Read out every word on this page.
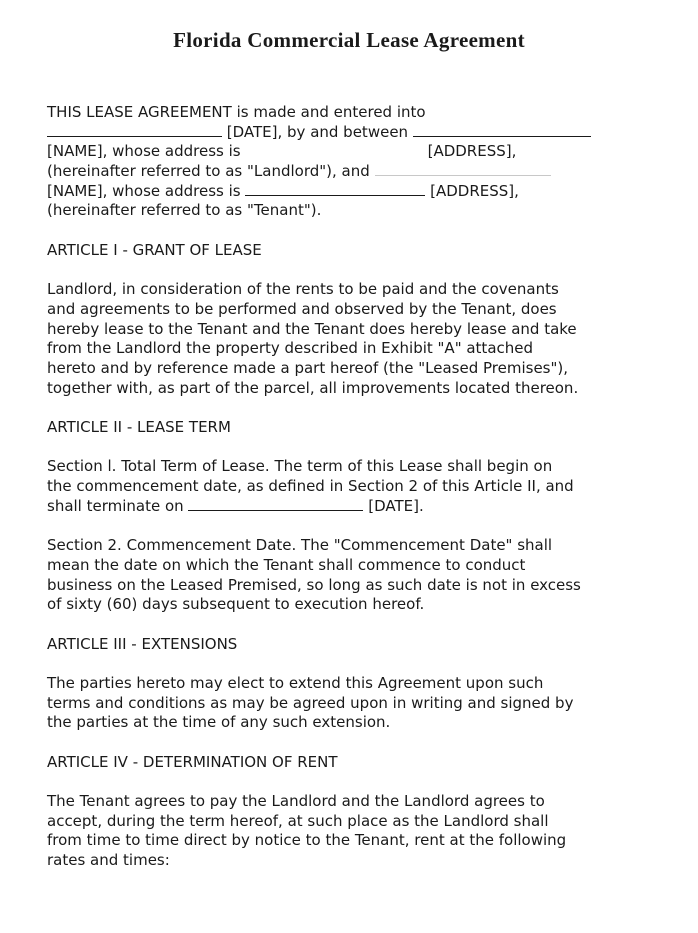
Florida Commercial Lease Agreement
THIS LEASE AGREEMENT is made and entered into
[DATE], by and between
[NAME], whose address is	[ADDRESS],
(hereinafter referred to as "Landlord"), and
[NAME], whose address is	[ADDRESS],
(hereinafter referred to as "Tenant").
ARTICLE I - GRANT OF LEASE
Landlord, in consideration of the rents to be paid and the covenants
and agreements to be performed and observed by the Tenant, does
hereby lease to the Tenant and the Tenant does hereby lease and take
from the Landlord the property described in Exhibit "A" attached
hereto and by reference made a part hereof (the "Leased Premises"),
together with, as part of the parcel, all improvements located thereon.
ARTICLE II - LEASE TERM
Section l. Total Term of Lease. The term of this Lease shall begin on
the commencement date, as defined in Section 2 of this Article II, and
shall terminate on	[DATE].
Section 2. Commencement Date. The "Commencement Date" shall
mean the date on which the Tenant shall commence to conduct
business on the Leased Premised, so long as such date is not in excess
of sixty (60) days subsequent to execution hereof.
ARTICLE III - EXTENSIONS
The parties hereto may elect to extend this Agreement upon such
terms and conditions as may be agreed upon in writing and signed by
the parties at the time of any such extension.
ARTICLE IV - DETERMINATION OF RENT
The Tenant agrees to pay the Landlord and the Landlord agrees to
accept, during the term hereof, at such place as the Landlord shall
from time to time direct by notice to the Tenant, rent at the following
rates and times:
